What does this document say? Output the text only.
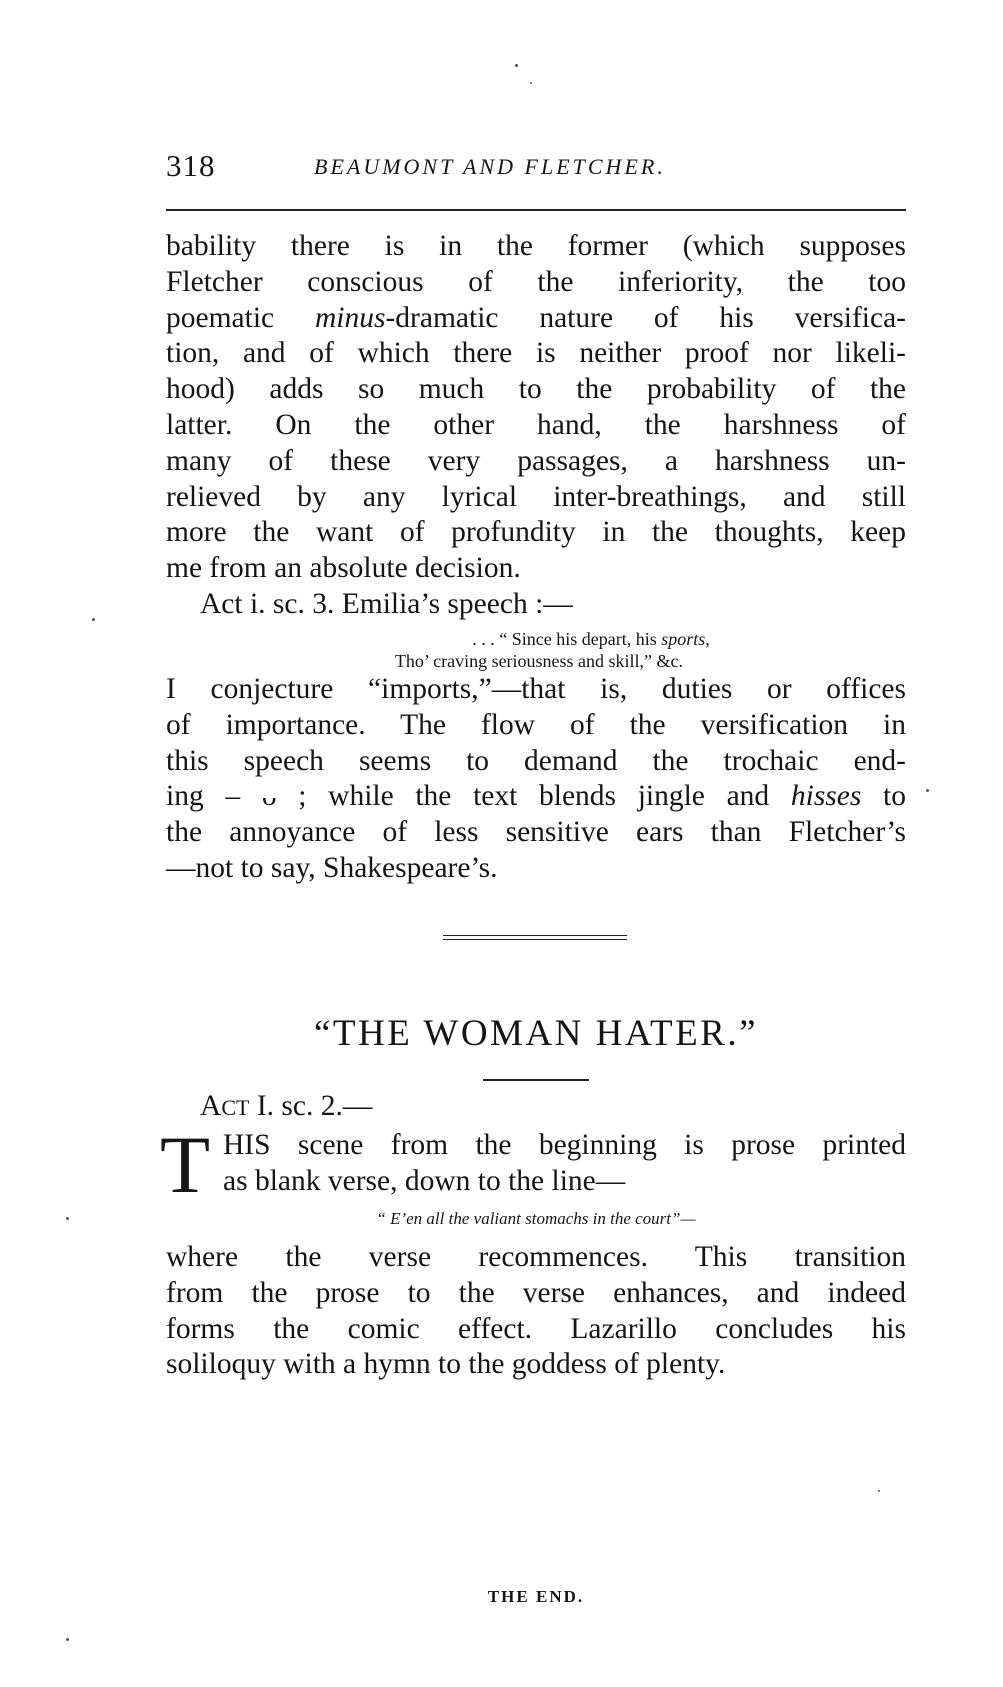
318	BEAUMONT AND FLETCHER.
bability there is in the former (which supposes
Fletcher conscious of the inferiority, the too
poematic minus-dramatic nature of his versifica-
tion, and of which there is neither proof nor likeli-
hood) adds so much to the probability of the
latter. On the other hand, the harshness of
many of these very passages, a harshness un-
relieved by any lyrical inter-breathings, and still
more the want of profundity in the thoughts, keep
me from an absolute decision.
Act i. sc. 3. Emilia’s speech :—
. . . “ Since his depart, his sports,
Tho’ craving seriousness and skill,” &c.
I conjecture “imports,”—that is, duties or offices
of importance. The flow of the versification in
this speech seems to demand the trochaic end-
ing – ᴗ ; while the text blends jingle and hisses to
the annoyance of less sensitive ears than Fletcher’s
—not to say, Shakespeare’s.
“THE WOMAN HATER.”
ACT I. sc. 2.—
T HIS scene from the beginning is prose printed
as blank verse, down to the line—
“ E’en all the valiant stomachs in the court”—
where the verse recommences. This transition
from the prose to the verse enhances, and indeed
forms the comic effect. Lazarillo concludes his
soliloquy with a hymn to the goddess of plenty.
THE END.
